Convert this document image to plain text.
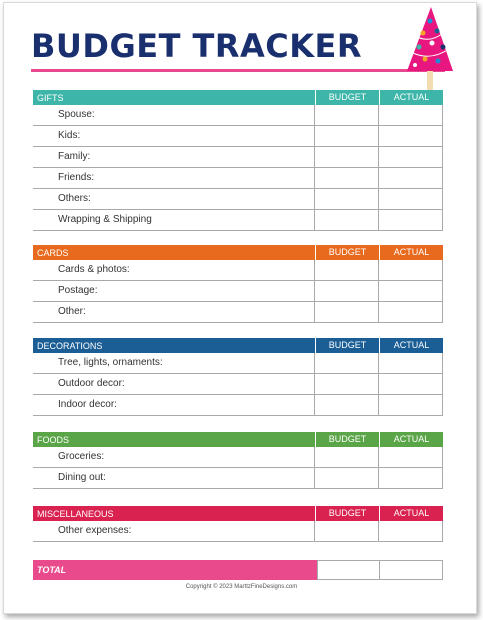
BUDGET TRACKER
GIFTS	BUDGET	ACTUAL
Spouse:
Kids:
Family:
Friends:
Others:
Wrapping & Shipping
CARDS	BUDGET	ACTUAL
Cards & photos:
Postage:
Other:
DECORATIONS	BUDGET	ACTUAL
Tree, lights, ornaments:
Outdoor decor:
Indoor decor:
FOODS	BUDGET	ACTUAL
Groceries:
Dining out:
MISCELLANEOUS	BUDGET	ACTUAL
Other expenses:
TOTAL
Copyright © 2023 MarttzFineDesigns.com
